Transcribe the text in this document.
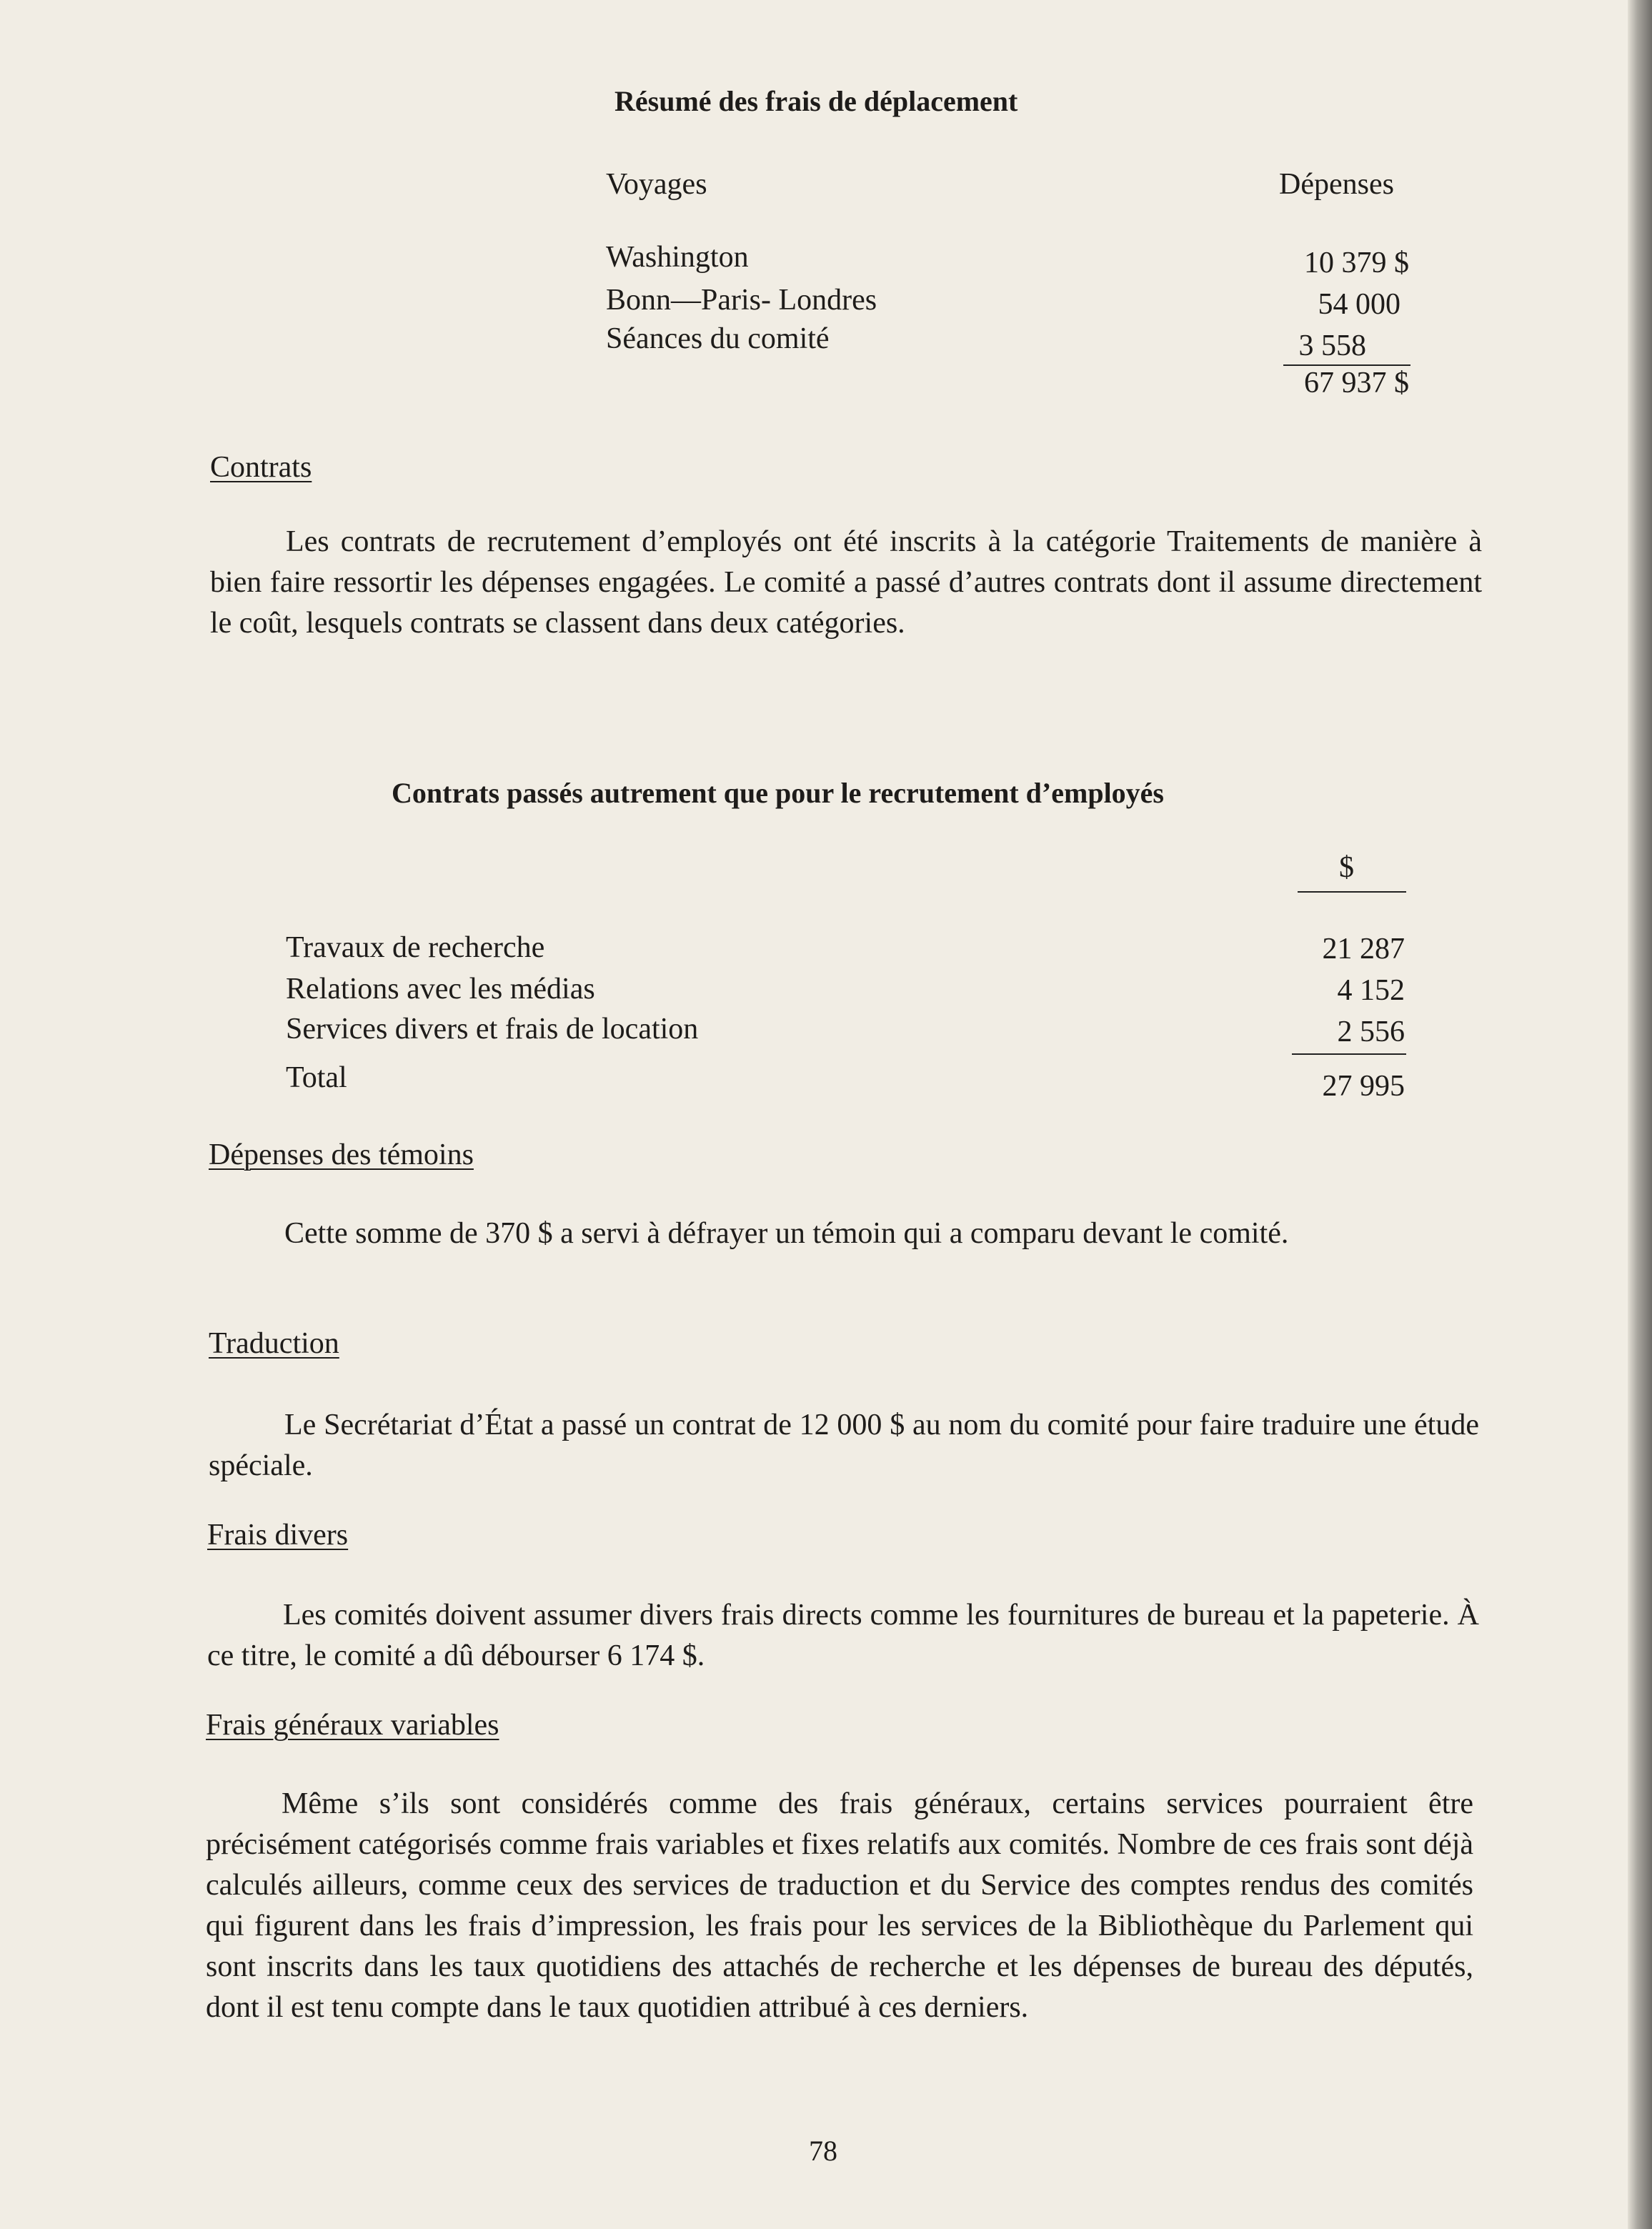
Résumé des frais de déplacement
Voyages	Dépenses
Washington	10 379 $
Bonn—Paris- Londres	54 000
Séances du comité	3 558
67 937 $
Contrats
Les contrats de recrutement d’employés ont été inscrits à la catégorie Traitements de manière à bien faire ressortir les dépenses engagées. Le comité a passé d’autres contrats dont il assume directement le coût, lesquels contrats se classent dans deux catégories.
Contrats passés autrement que pour le recrutement d’employés
$
Travaux de recherche	21 287
Relations avec les médias	4 152
Services divers et frais de location	2 556
Total	27 995
Dépenses des témoins
Cette somme de 370 $ a servi à défrayer un témoin qui a comparu devant le comité.
Traduction
Le Secrétariat d’État a passé un contrat de 12 000 $ au nom du comité pour faire traduire une étude spéciale.
Frais divers
Les comités doivent assumer divers frais directs comme les fournitures de bureau et la papeterie. À ce titre, le comité a dû débourser 6 174 $.
Frais généraux variables
Même s’ils sont considérés comme des frais généraux, certains services pourraient être précisément catégorisés comme frais variables et fixes relatifs aux comités. Nombre de ces frais sont déjà calculés ailleurs, comme ceux des services de traduction et du Service des comptes rendus des comités qui figurent dans les frais d’impression, les frais pour les services de la Bibliothèque du Parlement qui sont inscrits dans les taux quotidiens des attachés de recherche et les dépenses de bureau des députés, dont il est tenu compte dans le taux quotidien attribué à ces derniers.
78
